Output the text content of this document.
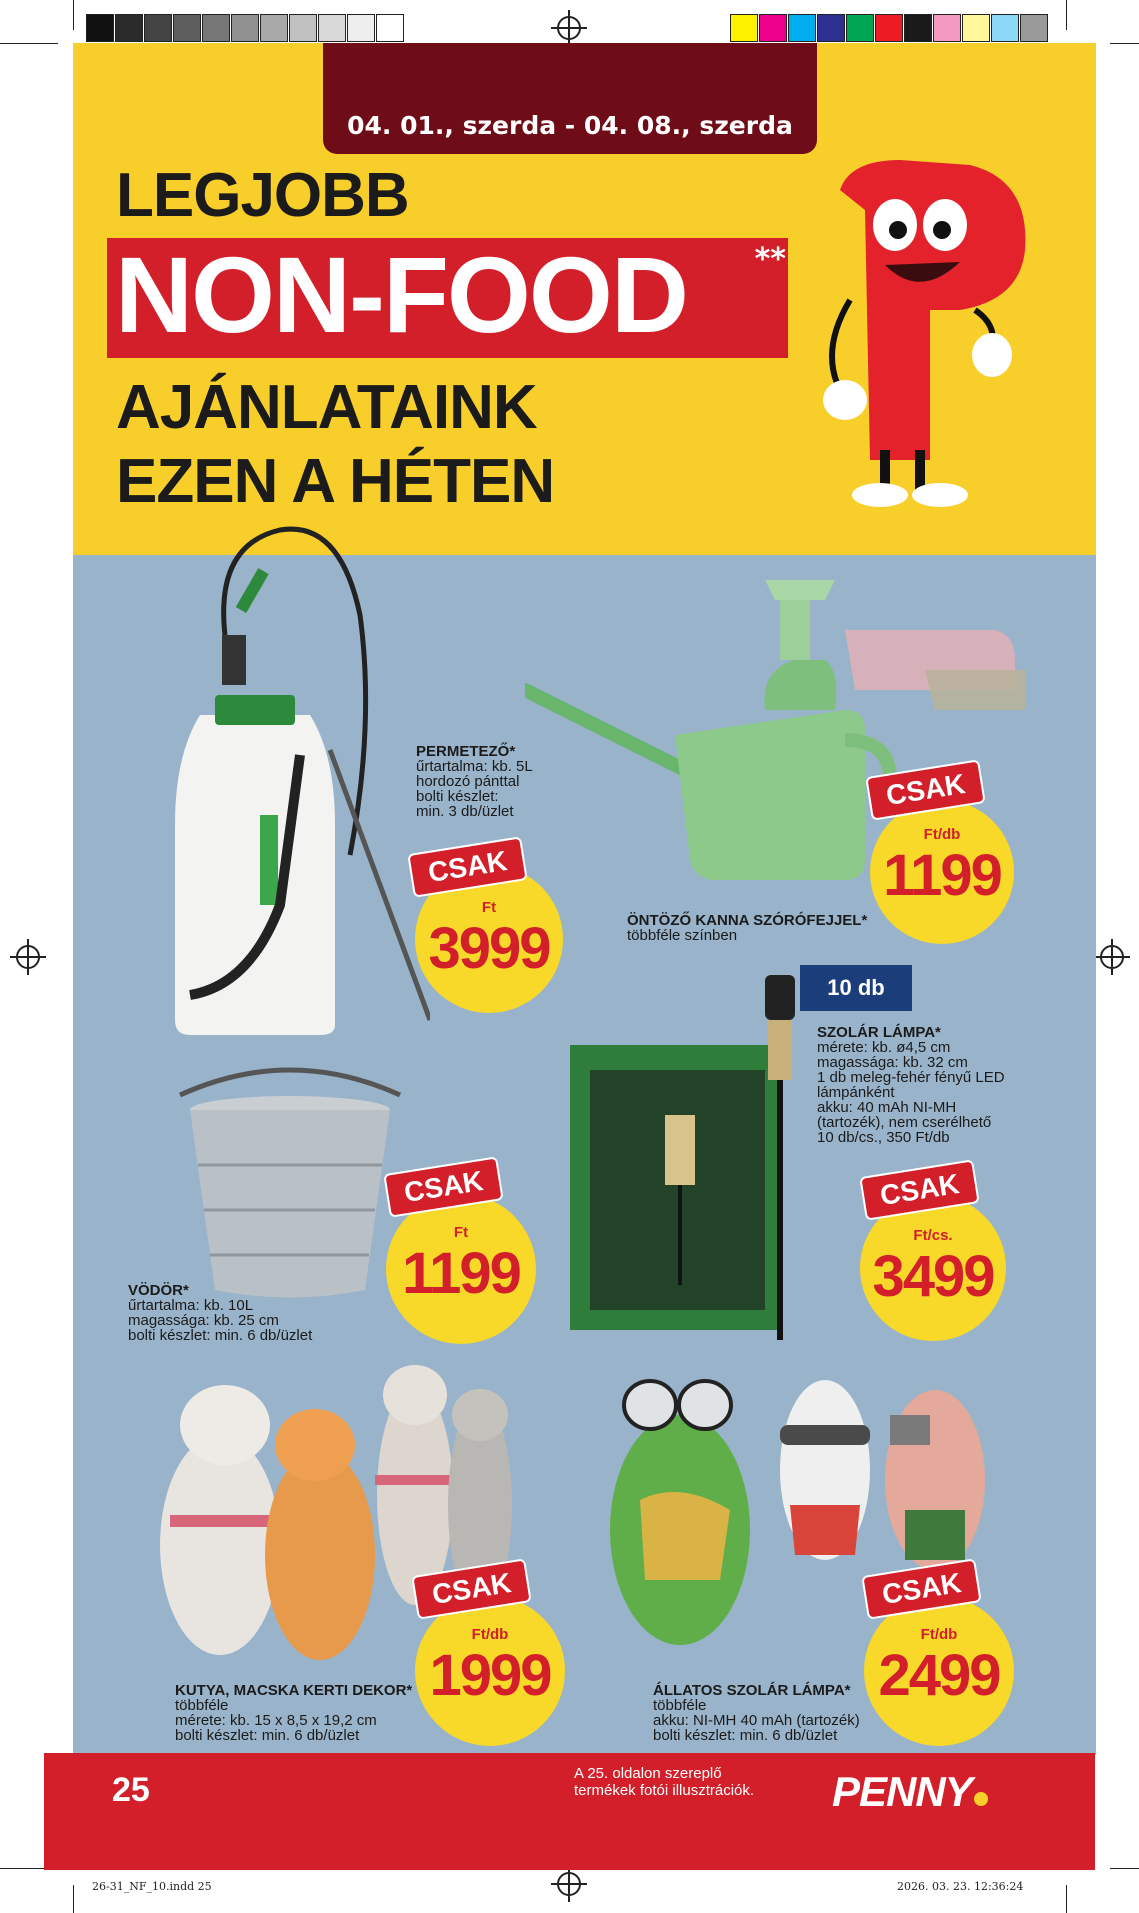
04. 01., szerda - 04. 08., szerda
LEGJOBB
NON-FOOD **
AJÁNLATAINK
EZEN A HÉTEN
PERMETEZŐ*
űrtartalma: kb. 5L
hordozó pánttal
bolti készlet:
min. 3 db/üzlet
Ft
3999
CSAK
ÖNTÖZŐ KANNA SZÓRÓFEJJEL*
többféle színben
Ft/db
1199
CSAK
10 db
SZOLÁR LÁMPA*
mérete: kb. ø4,5 cm
magassága: kb. 32 cm
1 db meleg-fehér fényű LED
lámpánként
akku: 40 mAh NI-MH
(tartozék), nem cserélhető
10 db/cs., 350 Ft/db
Ft/cs.
3499
CSAK
VÖDÖR*
űrtartalma: kb. 10L
magassága: kb. 25 cm
bolti készlet: min. 6 db/üzlet
Ft
1199
CSAK
KUTYA, MACSKA KERTI DEKOR*
többféle
mérete: kb. 15 x 8,5 x 19,2 cm
bolti készlet: min. 6 db/üzlet
Ft/db
1999
CSAK
ÁLLATOS SZOLÁR LÁMPA*
többféle
akku: NI-MH 40 mAh (tartozék)
bolti készlet: min. 6 db/üzlet
Ft/db
2499
CSAK
25	A 25. oldalon szereplő termékek fotói illusztrációk.	PENNY
26-31_NF_10.indd 25	2026. 03. 23. 12:36:24
